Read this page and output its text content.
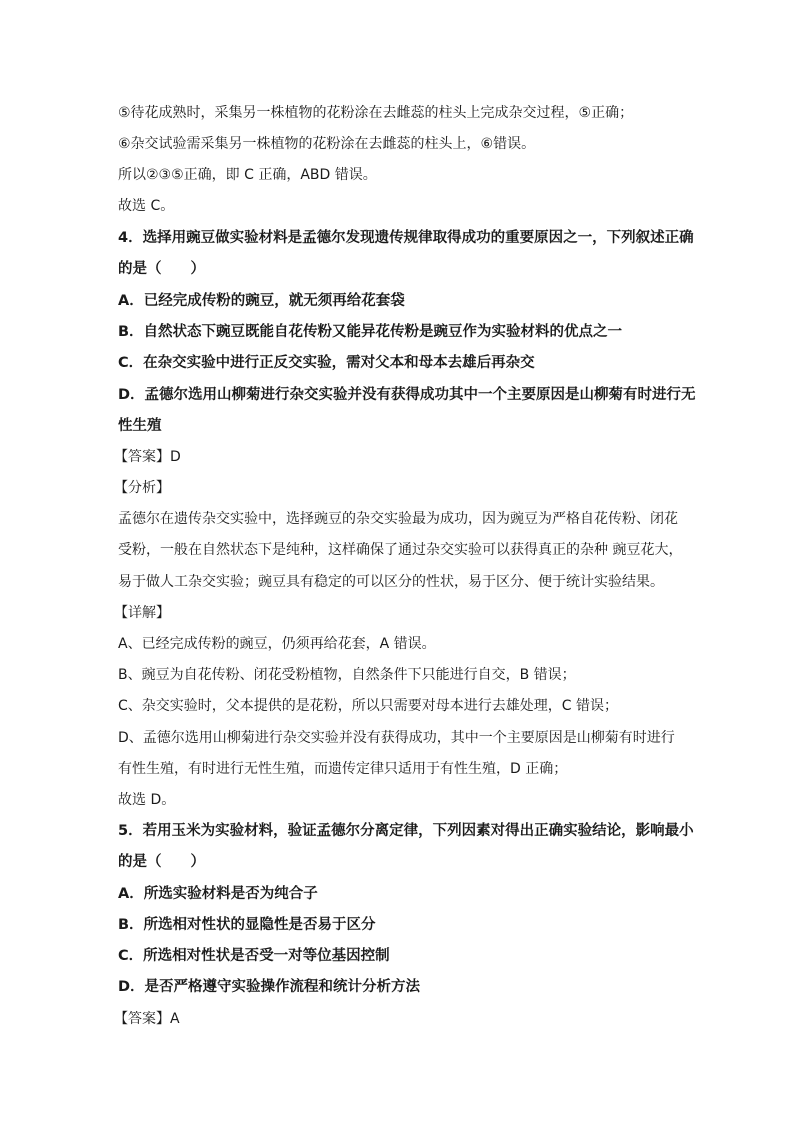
⑤待花成熟时，采集另一株植物的花粉涂在去雌蕊的柱头上完成杂交过程，⑤正确；
⑥杂交试验需采集另一株植物的花粉涂在去雌蕊的柱头上，⑥错误。
所以②③⑤正确，即 C 正确，ABD 错误。
故选 C。
4．选择用豌豆做实验材料是孟德尔发现遗传规律取得成功的重要原因之一，下列叙述正确
的是（　　）
A．已经完成传粉的豌豆，就无须再给花套袋
B．自然状态下豌豆既能自花传粉又能异花传粉是豌豆作为实验材料的优点之一
C．在杂交实验中进行正反交实验，需对父本和母本去雄后再杂交
D．孟德尔选用山柳菊进行杂交实验并没有获得成功其中一个主要原因是山柳菊有时进行无
性生殖
【答案】D
【分析】
孟德尔在遗传杂交实验中，选择豌豆的杂交实验最为成功，因为豌豆为严格自花传粉、闭花
受粉，一般在自然状态下是纯种，这样确保了通过杂交实验可以获得真正的杂种 豌豆花大，
易于做人工杂交实验；豌豆具有稳定的可以区分的性状，易于区分、便于统计实验结果。
【详解】
A、已经完成传粉的豌豆，仍须再给花套，A 错误。
B、豌豆为自花传粉、闭花受粉植物，自然条件下只能进行自交，B 错误；
C、杂交实验时，父本提供的是花粉，所以只需要对母本进行去雄处理，C 错误；
D、孟德尔选用山柳菊进行杂交实验并没有获得成功，其中一个主要原因是山柳菊有时进行
有性生殖，有时进行无性生殖，而遗传定律只适用于有性生殖，D 正确；
故选 D。
5．若用玉米为实验材料，验证孟德尔分离定律，下列因素对得出正确实验结论，影响最小
的是（　　）
A．所选实验材料是否为纯合子
B．所选相对性状的显隐性是否易于区分
C．所选相对性状是否受一对等位基因控制
D．是否严格遵守实验操作流程和统计分析方法
【答案】A
